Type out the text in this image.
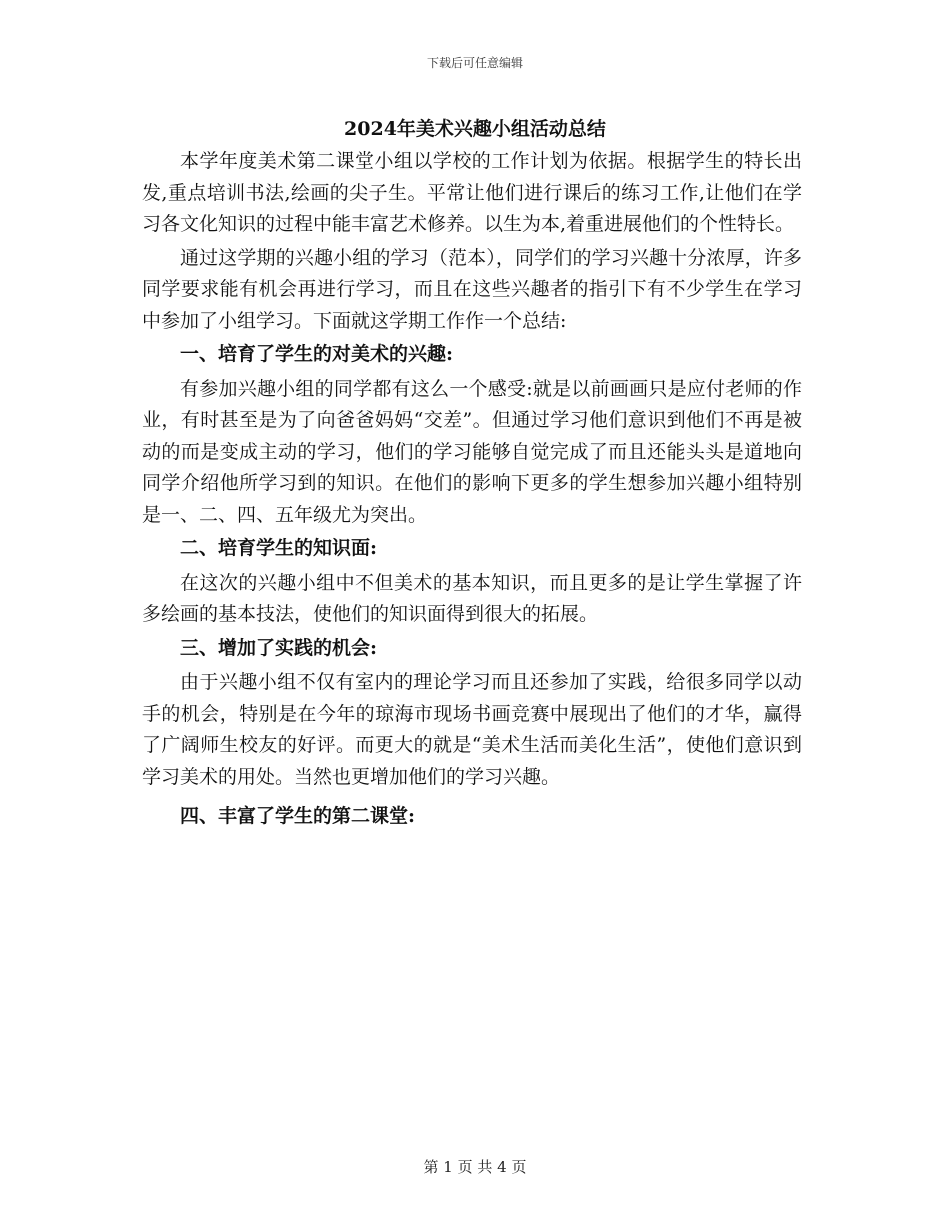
下载后可任意编辑
2024年美术兴趣小组活动总结

本学年度美术第二课堂小组以学校的工作计划为依据。根据学生的特长出发,重点培训书法,绘画的尖子生。平常让他们进行课后的练习工作,让他们在学习各文化知识的过程中能丰富艺术修养。以生为本,着重进展他们的个性特长。

通过这学期的兴趣小组的学习（范本），同学们的学习兴趣十分浓厚，许多同学要求能有机会再进行学习，而且在这些兴趣者的指引下有不少学生在学习中参加了小组学习。下面就这学期工作作一个总结:

一、培育了学生的对美术的兴趣:

有参加兴趣小组的同学都有这么一个感受:就是以前画画只是应付老师的作业，有时甚至是为了向爸爸妈妈“交差”。但通过学习他们意识到他们不再是被动的而是变成主动的学习，他们的学习能够自觉完成了而且还能头头是道地向同学介绍他所学习到的知识。在他们的影响下更多的学生想参加兴趣小组特别是一、二、四、五年级尤为突出。

二、培育学生的知识面:

在这次的兴趣小组中不但美术的基本知识，而且更多的是让学生掌握了许多绘画的基本技法，使他们的知识面得到很大的拓展。

三、增加了实践的机会:

由于兴趣小组不仅有室内的理论学习而且还参加了实践，给很多同学以动手的机会，特别是在今年的琼海市现场书画竞赛中展现出了他们的才华，赢得了广阔师生校友的好评。而更大的就是“美术生活而美化生活”，使他们意识到学习美术的用处。当然也更增加他们的学习兴趣。

四、丰富了学生的第二课堂:
第 1 页 共 4 页
